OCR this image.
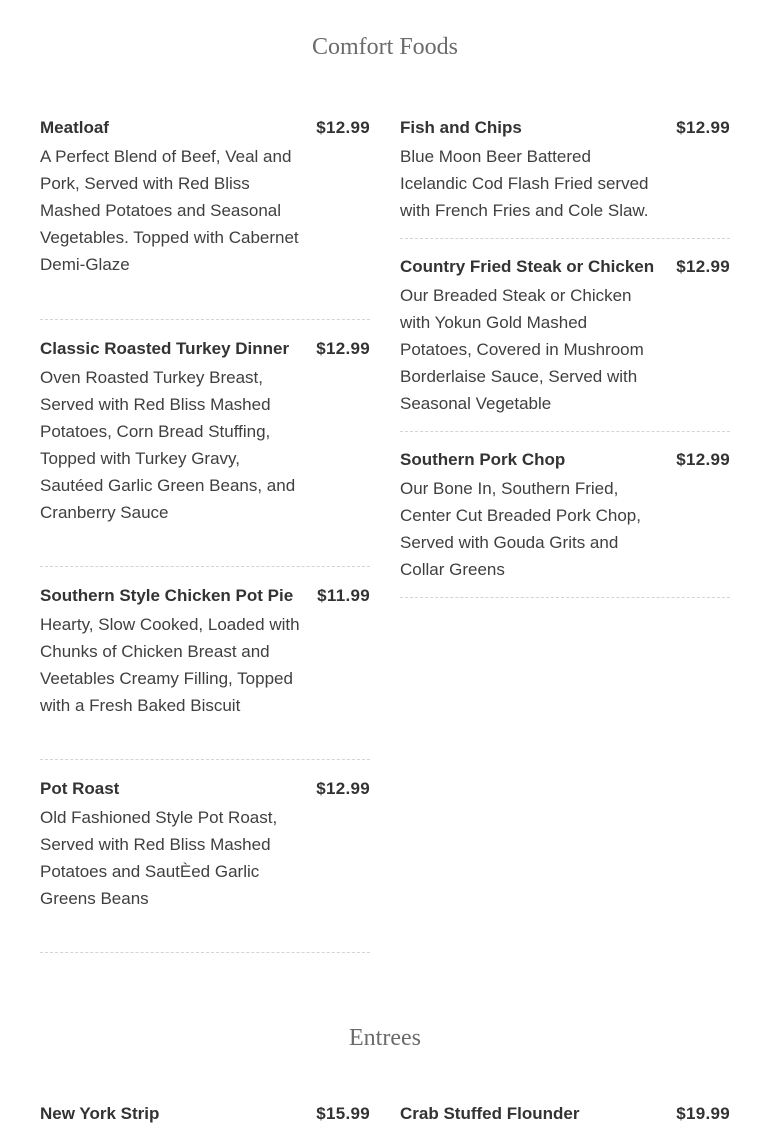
Comfort Foods
Meatloaf	$12.99
A Perfect Blend of Beef, Veal and Pork, Served with Red Bliss Mashed Potatoes and Seasonal Vegetables. Topped with Cabernet Demi-Glaze
Classic Roasted Turkey Dinner $12.99
Oven Roasted Turkey Breast, Served with Red Bliss Mashed Potatoes, Corn Bread Stuffing, Topped with Turkey Gravy, Sautéed Garlic Green Beans, and Cranberry Sauce
Southern Style Chicken Pot Pie $11.99
Hearty, Slow Cooked, Loaded with Chunks of Chicken Breast and Veetables Creamy Filling, Topped with a Fresh Baked Biscuit
Pot Roast	$12.99
Old Fashioned Style Pot Roast, Served with Red Bliss Mashed Potatoes and SautÈed Garlic Greens Beans
Fish and Chips	$12.99
Blue Moon Beer Battered Icelandic Cod Flash Fried served with French Fries and Cole Slaw.
Country Fried Steak or Chicken $12.99
Our Breaded Steak or Chicken with Yokun Gold Mashed Potatoes, Covered in Mushroom Borderlaise Sauce, Served with Seasonal Vegetable
Southern Pork Chop	$12.99
Our Bone In, Southern Fried, Center Cut Breaded Pork Chop, Served with Gouda Grits and Collar Greens
Entrees
New York Strip	$15.99 Crab Stuffed Flounder	$19.99
